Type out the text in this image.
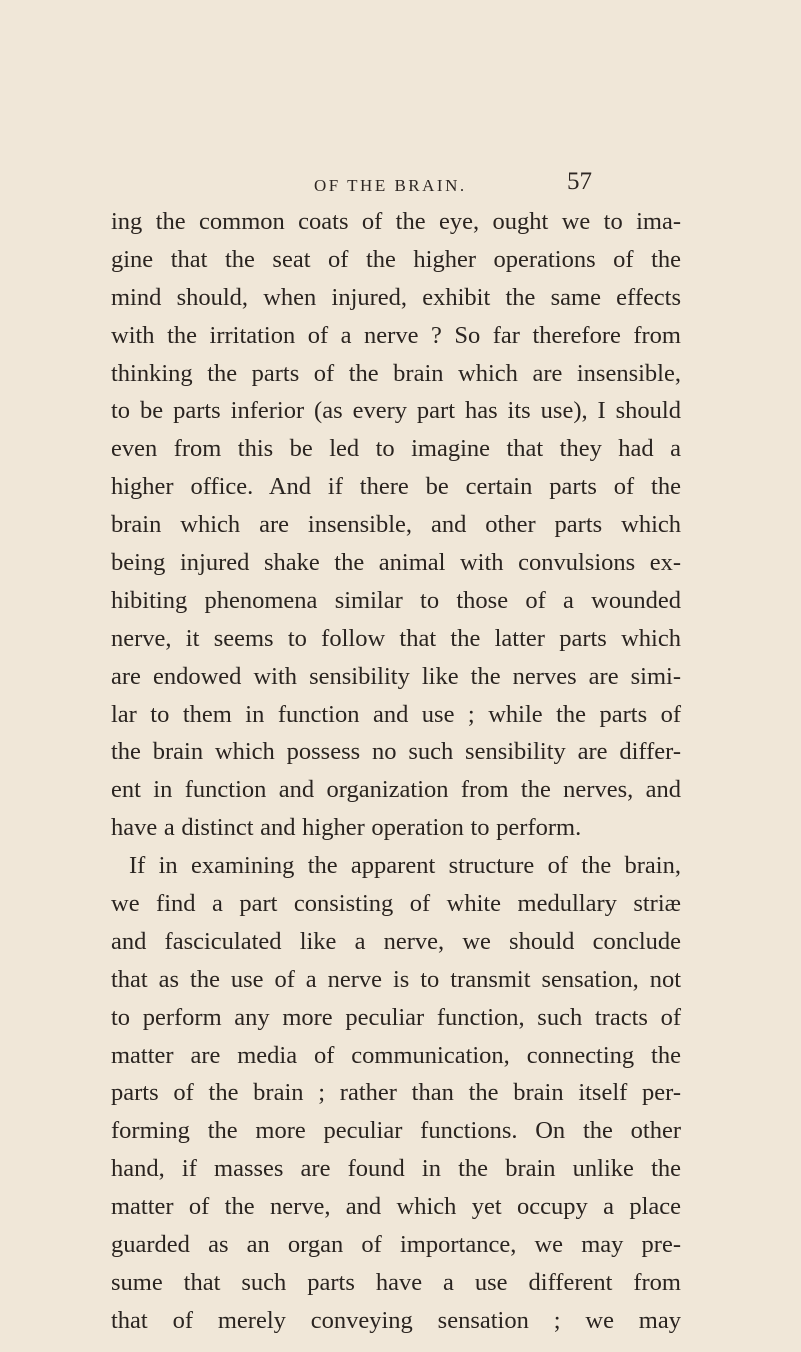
OF THE BRAIN.	57
ing the common coats of the eye, ought we to ima-
gine that the seat of the higher operations of the
mind should, when injured, exhibit the same effects
with the irritation of a nerve ? So far therefore from
thinking the parts of the brain which are insensible,
to be parts inferior (as every part has its use), I should
even from this be led to imagine that they had a
higher office. And if there be certain parts of the
brain which are insensible, and other parts which
being injured shake the animal with convulsions ex-
hibiting phenomena similar to those of a wounded
nerve, it seems to follow that the latter parts which
are endowed with sensibility like the nerves are simi-
lar to them in function and use ; while the parts of
the brain which possess no such sensibility are differ-
ent in function and organization from the nerves, and
have a distinct and higher operation to perform.
If in examining the apparent structure of the brain,
we find a part consisting of white medullary striæ
and fasciculated like a nerve, we should conclude
that as the use of a nerve is to transmit sensation, not
to perform any more peculiar function, such tracts of
matter are media of communication, connecting the
parts of the brain ; rather than the brain itself per-
forming the more peculiar functions. On the other
hand, if masses are found in the brain unlike the
matter of the nerve, and which yet occupy a place
guarded as an organ of importance, we may pre-
sume that such parts have a use different from
that of merely conveying sensation ; we may
